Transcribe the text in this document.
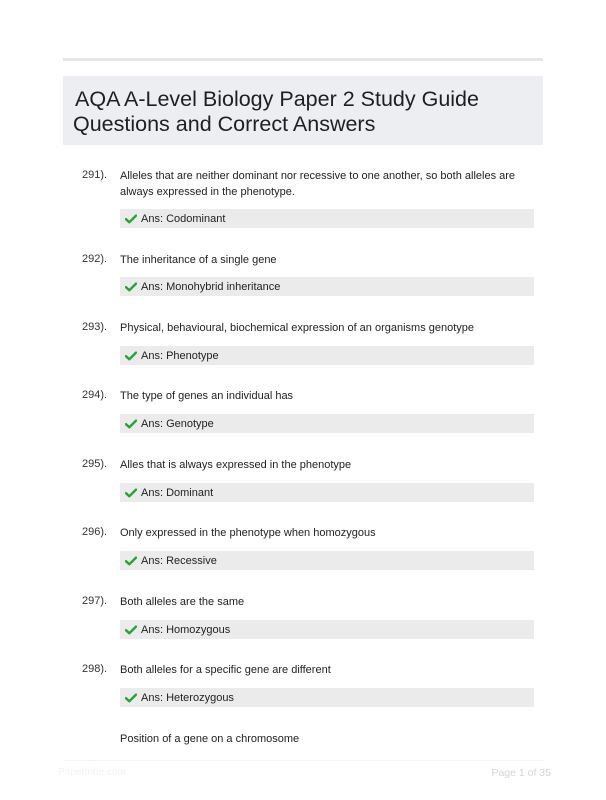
AQA A-Level Biology Paper 2 Study Guide
Questions and Correct Answers
291). Alleles that are neither dominant nor recessive to one another, so both alleles are always expressed in the phenotype.
Ans: Codominant
292). The inheritance of a single gene
Ans: Monohybrid inheritance
293). Physical, behavioural, biochemical expression of an organisms genotype
Ans: Phenotype
294). The type of genes an individual has
Ans: Genotype
295). Alles that is always expressed in the phenotype
Ans: Dominant
296). Only expressed in the phenotype when homozygous
Ans: Recessive
297). Both alleles are the same
Ans: Homozygous
298). Both alleles for a specific gene are different
Ans: Heterozygous
Position of a gene on a chromosome
Papertribe.com	Page 1 of 35
